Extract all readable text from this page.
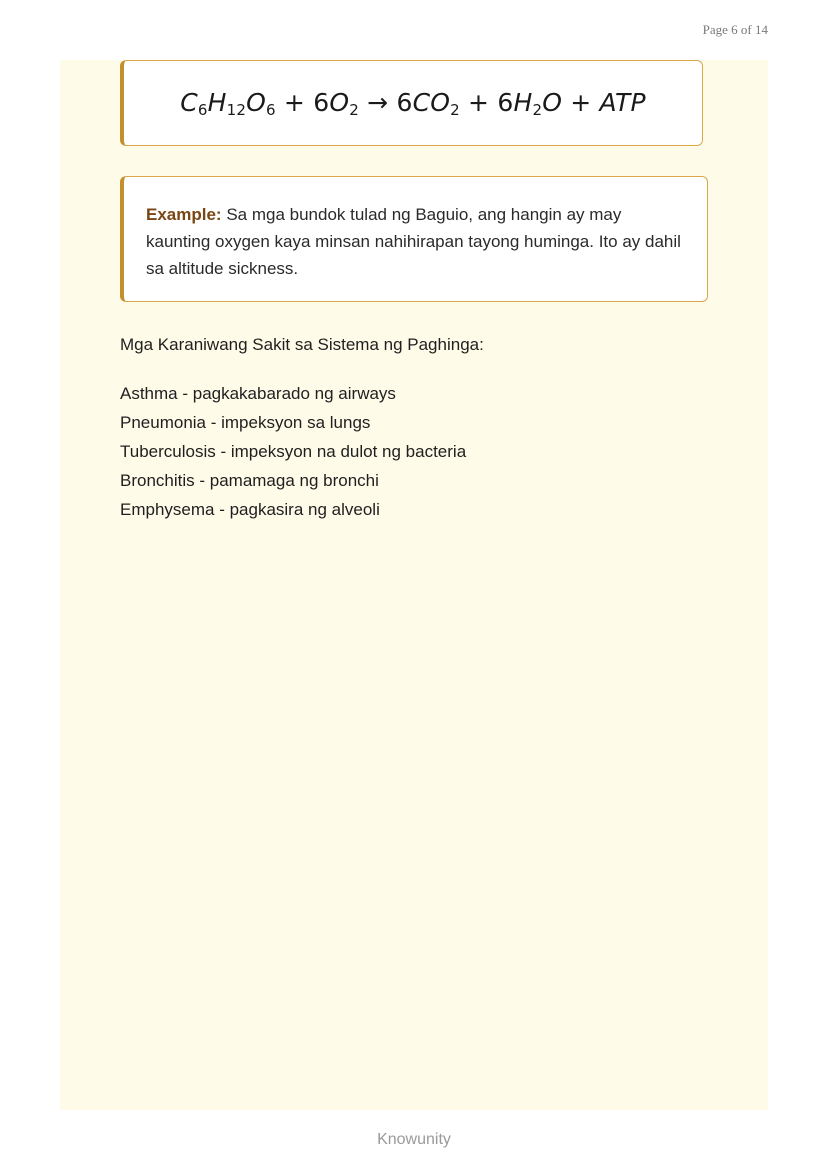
Page 6 of 14
$C_6H_{12}O_6 + 6O_2 \to 6CO_2 + 6H_2O$ + ATP
Example: Sa mga bundok tulad ng Baguio, ang hangin ay may kaunting oxygen kaya minsan nahihirapan tayong huminga. Ito ay dahil sa altitude sickness.
Mga Karaniwang Sakit sa Sistema ng Paghinga:
Asthma - pagkakabarado ng airways
Pneumonia - impeksyon sa lungs
Tuberculosis - impeksyon na dulot ng bacteria
Bronchitis - pamamaga ng bronchi
Emphysema - pagkasira ng alveoli
Knowunity
